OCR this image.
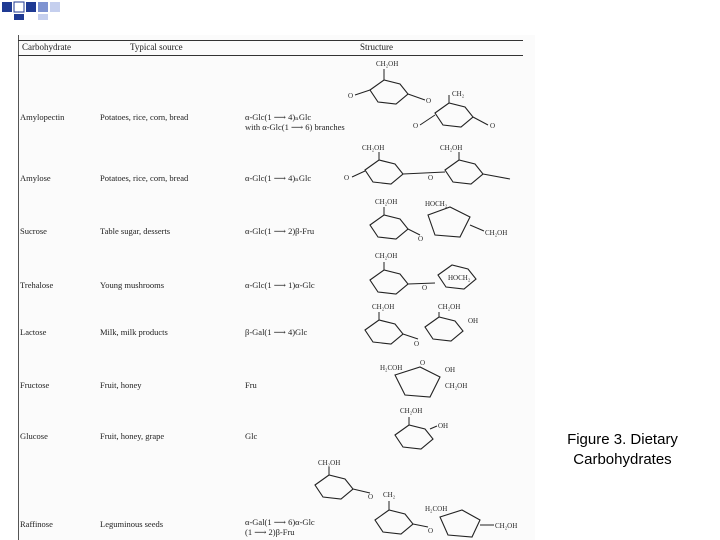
Carbohydrate	Typical source	Structure
Amylopectin	Potatoes, rice, corn, bread	α-Glc(1 ⟶ 4)ₙGlc
with α-Glc(1 ⟶ 6) branches
Amylose	Potatoes, rice, corn, bread	α-Glc(1 ⟶ 4)ₙGlc
Sucrose	Table sugar, desserts	α-Glc(1 ⟶ 2)β-Fru
Trehalose	Young mushrooms	α-Glc(1 ⟶ 1)α-Glc
Lactose	Milk, milk products	β-Gal(1 ⟶ 4)Glc
Fructose	Fruit, honey	Fru
Glucose	Fruit, honey, grape	Glc
Raffinose	Leguminous seeds	α-Gal(1 ⟶ 6)α-Glc
(1 ⟶ 2)β-Fru
CH₂OH
O
O
CH₂
O	O
CH₂OH	CH₂OH
O	O
CH₂OH
O
HOCH₂
CH₂OH
CH₂OH
O
HOCH₂
CH₂OH
O
CH₂OH
OH
H₂COH
O
OH
CH₂OH
CH₂OH
OH
CH₂OH
O CH₂
O
H₂COH
CH₂OH
Figure 3. Dietary
Carbohydrates
